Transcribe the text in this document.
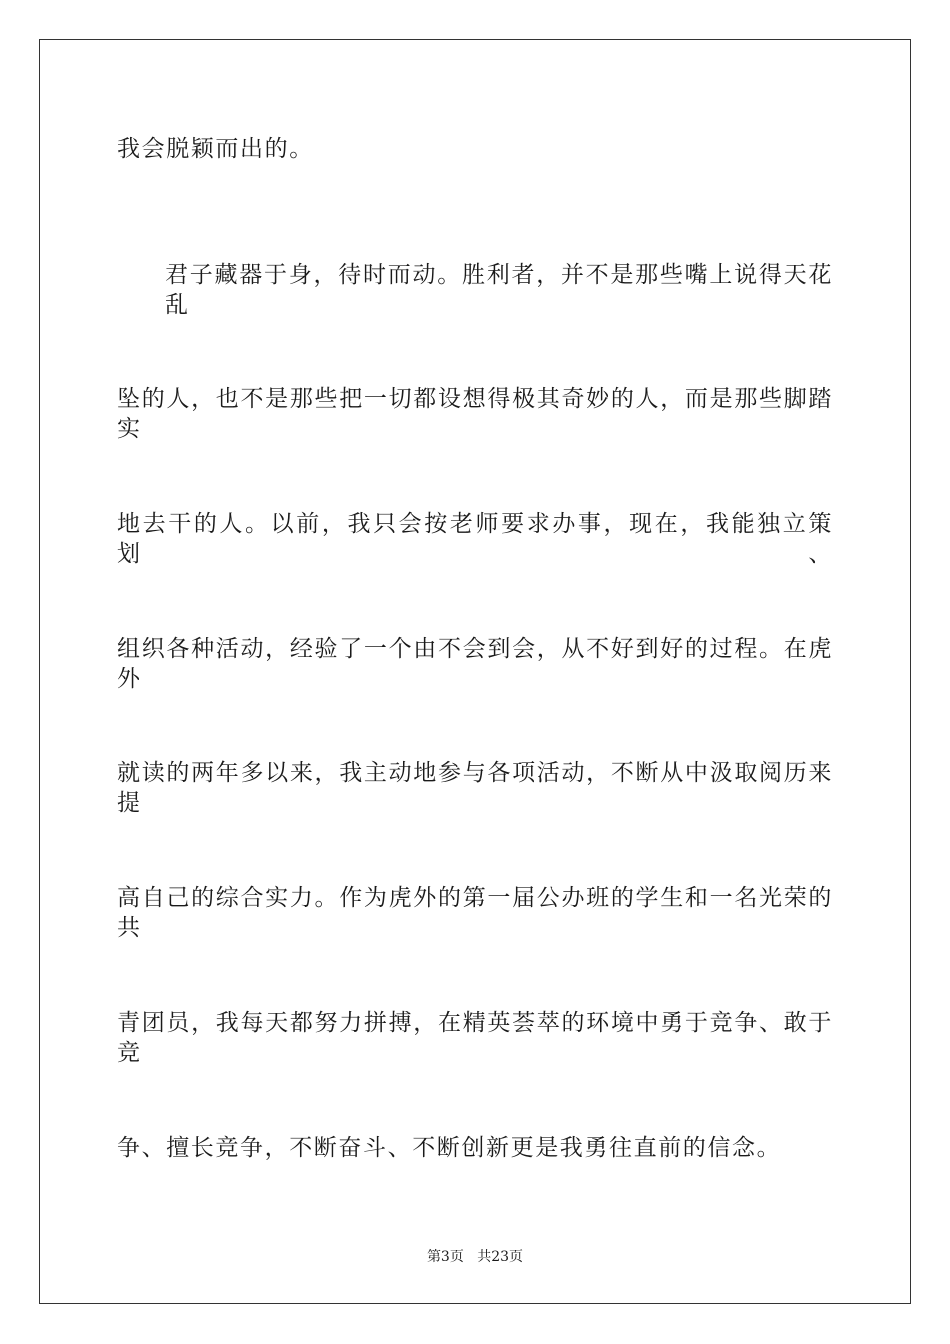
我会脱颖而出的。
君子藏器于身，待时而动。胜利者，并不是那些嘴上说得天花乱
坠的人，也不是那些把一切都设想得极其奇妙的人，而是那些脚踏实
地去干的人。以前，我只会按老师要求办事，现在，我能独立策划、
组织各种活动，经验了一个由不会到会，从不好到好的过程。在虎外
就读的两年多以来，我主动地参与各项活动，不断从中汲取阅历来提
高自己的综合实力。作为虎外的第一届公办班的学生和一名光荣的共
青团员，我每天都努力拼搏，在精英荟萃的环境中勇于竞争、敢于竞
争、擅长竞争，不断奋斗、不断创新更是我勇往直前的信念。
第3页 共23页
